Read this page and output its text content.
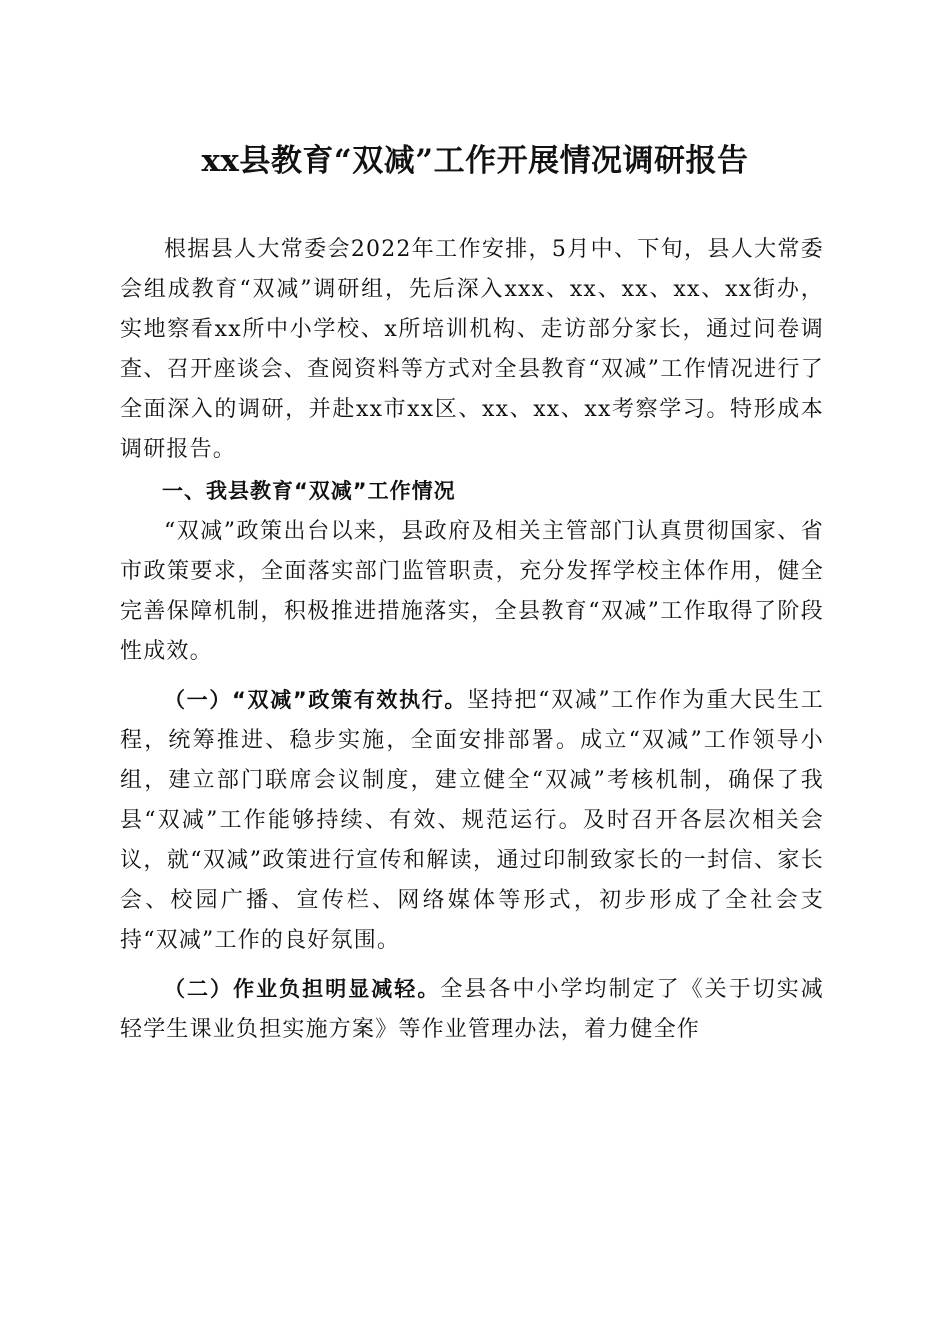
xx县教育“双减”工作开展情况调研报告

根据县人大常委会2022年工作安排，5月中、下旬，县人大常委会组成教育“双减”调研组，先后深入xxx、xx、xx、xx、xx街办，实地察看xx所中小学校、x所培训机构、走访部分家长，通过问卷调查、召开座谈会、查阅资料等方式对全县教育“双减”工作情况进行了全面深入的调研，并赴xx市xx区、xx、xx、xx考察学习。特形成本调研报告。

一、我县教育“双减”工作情况

“双减”政策出台以来，县政府及相关主管部门认真贯彻国家、省市政策要求，全面落实部门监管职责，充分发挥学校主体作用，健全完善保障机制，积极推进措施落实，全县教育“双减”工作取得了阶段性成效。

（一）“双减”政策有效执行。坚持把“双减”工作作为重大民生工程，统筹推进、稳步实施，全面安排部署。成立“双减”工作领导小组，建立部门联席会议制度，建立健全“双减”考核机制，确保了我县“双减”工作能够持续、有效、规范运行。及时召开各层次相关会议，就“双减”政策进行宣传和解读，通过印制致家长的一封信、家长会、校园广播、宣传栏、网络媒体等形式，初步形成了全社会支持“双减”工作的良好氛围。

（二）作业负担明显减轻。全县各中小学均制定了《关于切实减轻学生课业负担实施方案》等作业管理办法，着力健全作
